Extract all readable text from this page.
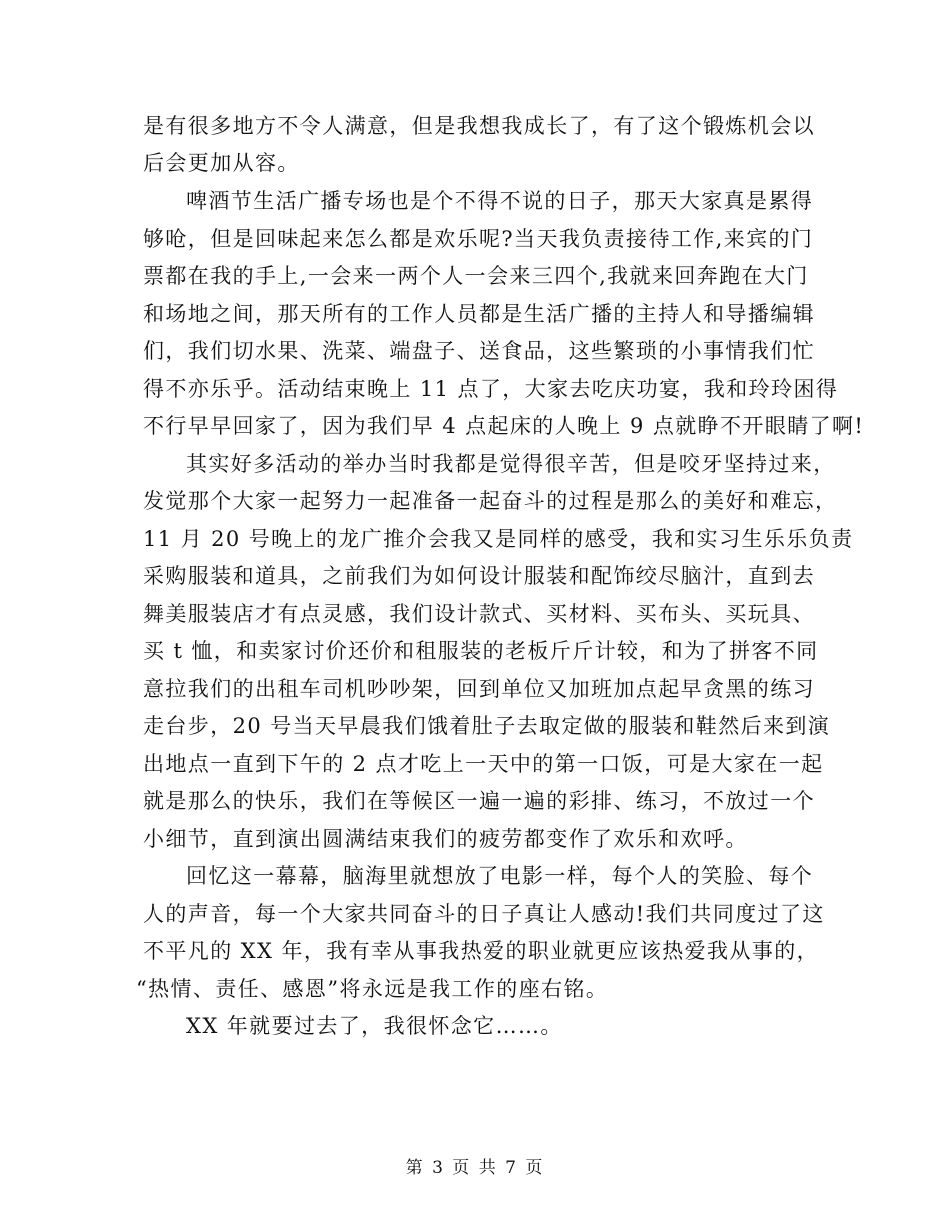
是有很多地方不令人满意，但是我想我成长了，有了这个锻炼机会以
后会更加从容。
啤酒节生活广播专场也是个不得不说的日子，那天大家真是累得
够呛，但是回味起来怎么都是欢乐呢?当天我负责接待工作,来宾的门
票都在我的手上,一会来一两个人一会来三四个,我就来回奔跑在大门
和场地之间，那天所有的工作人员都是生活广播的主持人和导播编辑
们，我们切水果、洗菜、端盘子、送食品，这些繁琐的小事情我们忙
得不亦乐乎。活动结束晚上 11 点了，大家去吃庆功宴，我和玲玲困得
不行早早回家了，因为我们早 4 点起床的人晚上 9 点就睁不开眼睛了啊!
其实好多活动的举办当时我都是觉得很辛苦，但是咬牙坚持过来，
发觉那个大家一起努力一起准备一起奋斗的过程是那么的美好和难忘，
11 月 20 号晚上的龙广推介会我又是同样的感受，我和实习生乐乐负责
采购服装和道具，之前我们为如何设计服装和配饰绞尽脑汁，直到去
舞美服装店才有点灵感，我们设计款式、买材料、买布头、买玩具、
买 t 恤，和卖家讨价还价和租服装的老板斤斤计较，和为了拼客不同
意拉我们的出租车司机吵吵架，回到单位又加班加点起早贪黑的练习
走台步，20 号当天早晨我们饿着肚子去取定做的服装和鞋然后来到演
出地点一直到下午的 2 点才吃上一天中的第一口饭，可是大家在一起
就是那么的快乐，我们在等候区一遍一遍的彩排、练习，不放过一个
小细节，直到演出圆满结束我们的疲劳都变作了欢乐和欢呼。
回忆这一幕幕，脑海里就想放了电影一样，每个人的笑脸、每个
人的声音，每一个大家共同奋斗的日子真让人感动!我们共同度过了这
不平凡的 XX 年，我有幸从事我热爱的职业就更应该热爱我从事的，
“热情、责任、感恩”将永远是我工作的座右铭。
XX 年就要过去了，我很怀念它……。
第 3 页 共 7 页
